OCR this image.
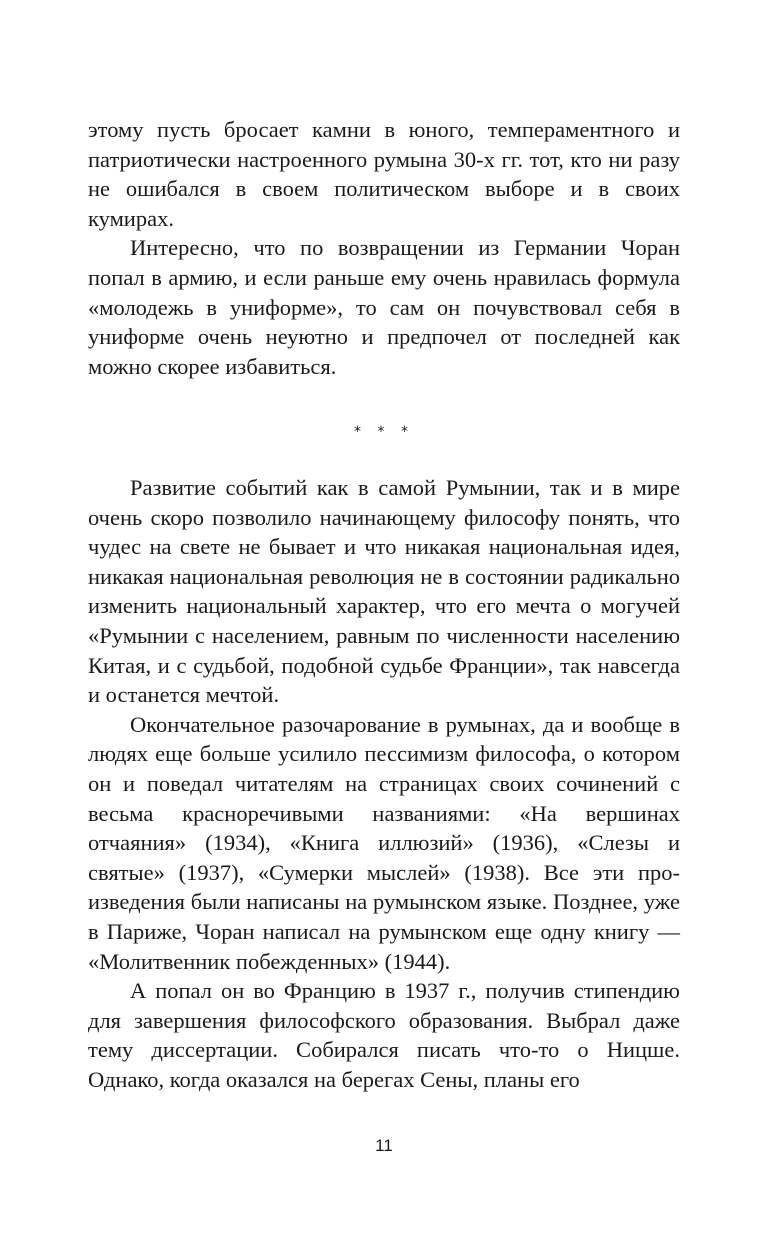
этому пусть бросает камни в юного, темпераментного и патриотически настроенного румына 30-х гг. тот, кто ни разу не ошибался в своем политическом выборе и в своих кумирах.

Интересно, что по возвращении из Германии Чоран попал в армию, и если раньше ему очень нравилась формула «молодежь в униформе», то сам он почувствовал себя в униформе очень неуютно и предпочел от последней как можно скорее избавиться.

* * *

Развитие событий как в самой Румынии, так и в мире очень скоро позволило начинающему философу понять, что чудес на свете не бывает и что никакая национальная идея, никакая национальная революция не в состоянии радикально изменить национальный характер, что его мечта о могучей «Румынии с населением, равным по численности населению Китая, и с судьбой, подобной судьбе Франции», так навсегда и останется мечтой.

Окончательное разочарование в румынах, да и вообще в людях еще больше усилило пессимизм философа, о котором он и поведал читателям на страницах своих сочинений с весьма красноречивыми названиями: «На вершинах отчаяния» (1934), «Книга иллюзий» (1936), «Слезы и святые» (1937), «Сумерки мыслей» (1938). Все эти произведения были написаны на румынском языке. Позднее, уже в Париже, Чоран написал на румынском еще одну книгу — «Молитвенник побежденных» (1944).

А попал он во Францию в 1937 г., получив стипендию для завершения философского образования. Выбрал даже тему диссертации. Собирался писать что-то о Ницше. Однако, когда оказался на берегах Сены, планы его

11
